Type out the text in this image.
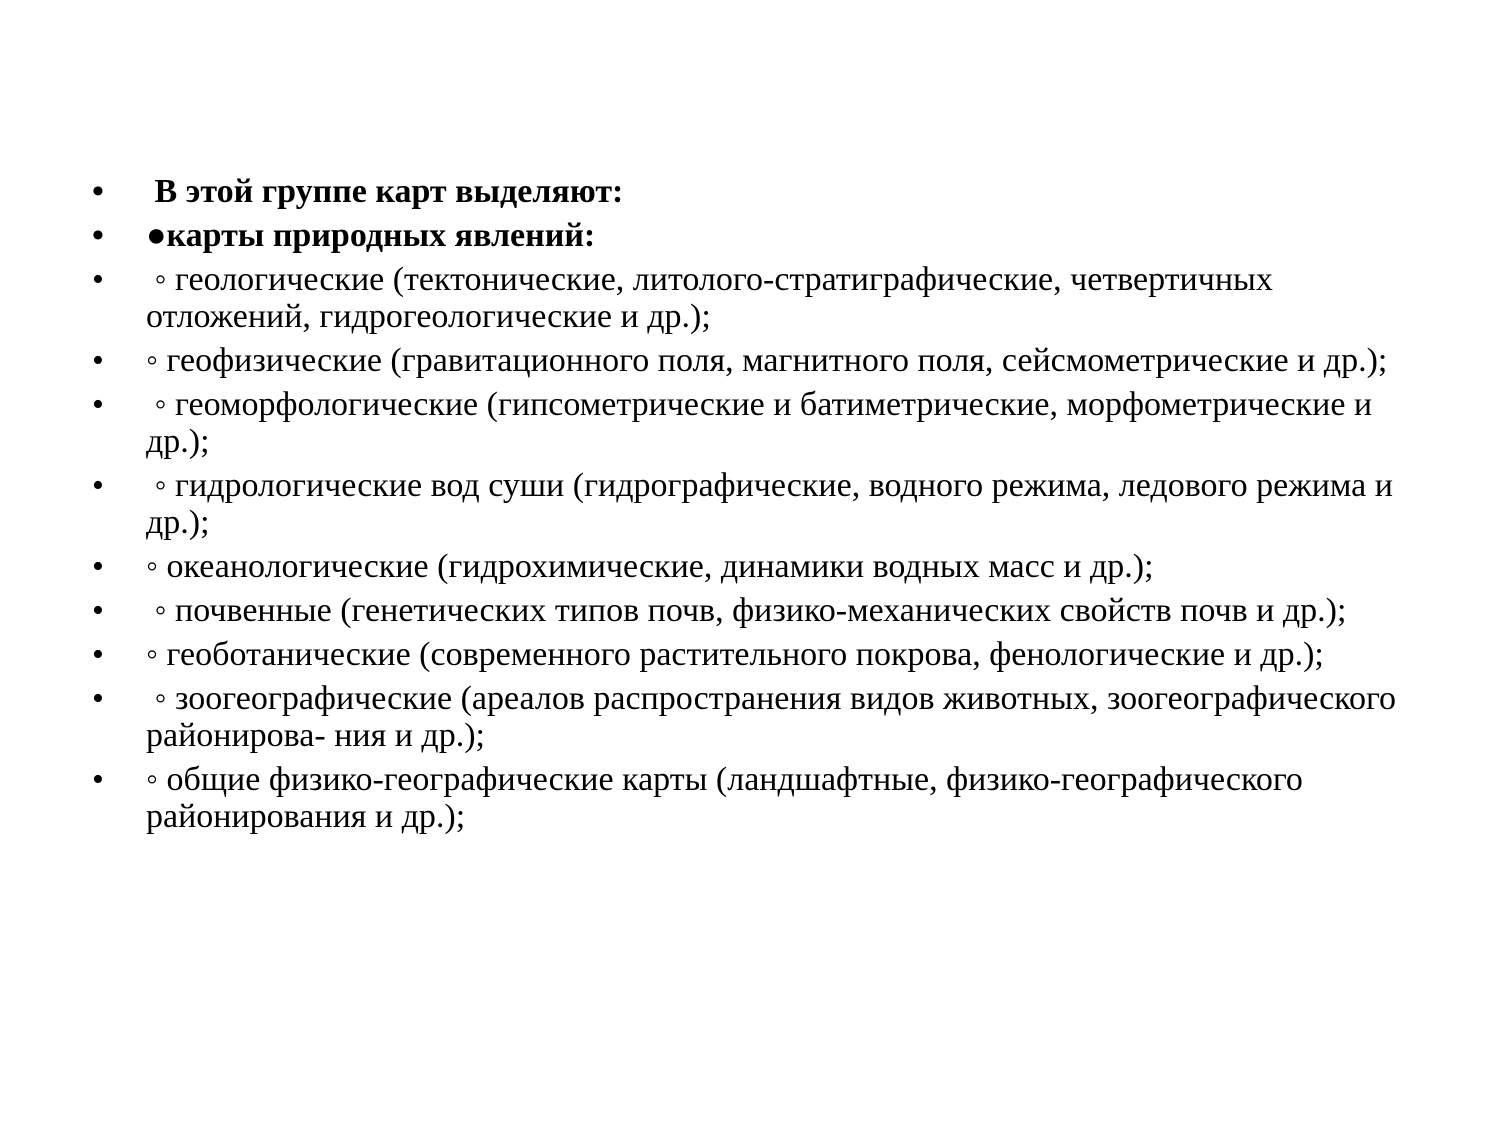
• В этой группе карт выделяют:
• ●карты природных явлений:
• ◦ геологические (тектонические, литолого-стратиграфические, четвертичных отложений, гидрогеологические и др.);
• ◦ геофизические (гравитационного поля, магнитного поля, сейсмометрические и др.);
• ◦ геоморфологические (гипсометрические и батиметрические, морфометрические и др.);
• ◦ гидрологические вод суши (гидрографические, водного режима, ледового режима и др.);
• ◦ океанологические (гидрохимические, динамики водных масс и др.);
• ◦ почвенные (генетических типов почв, физико-механических свойств почв и др.);
• ◦ геоботанические (современного растительного покрова, фенологические и др.);
• ◦ зоогеографические (ареалов распространения видов животных, зоогеографического районирова- ния и др.);
• ◦ общие физико-географические карты (ландшафтные, физико-географического районирования и др.);
